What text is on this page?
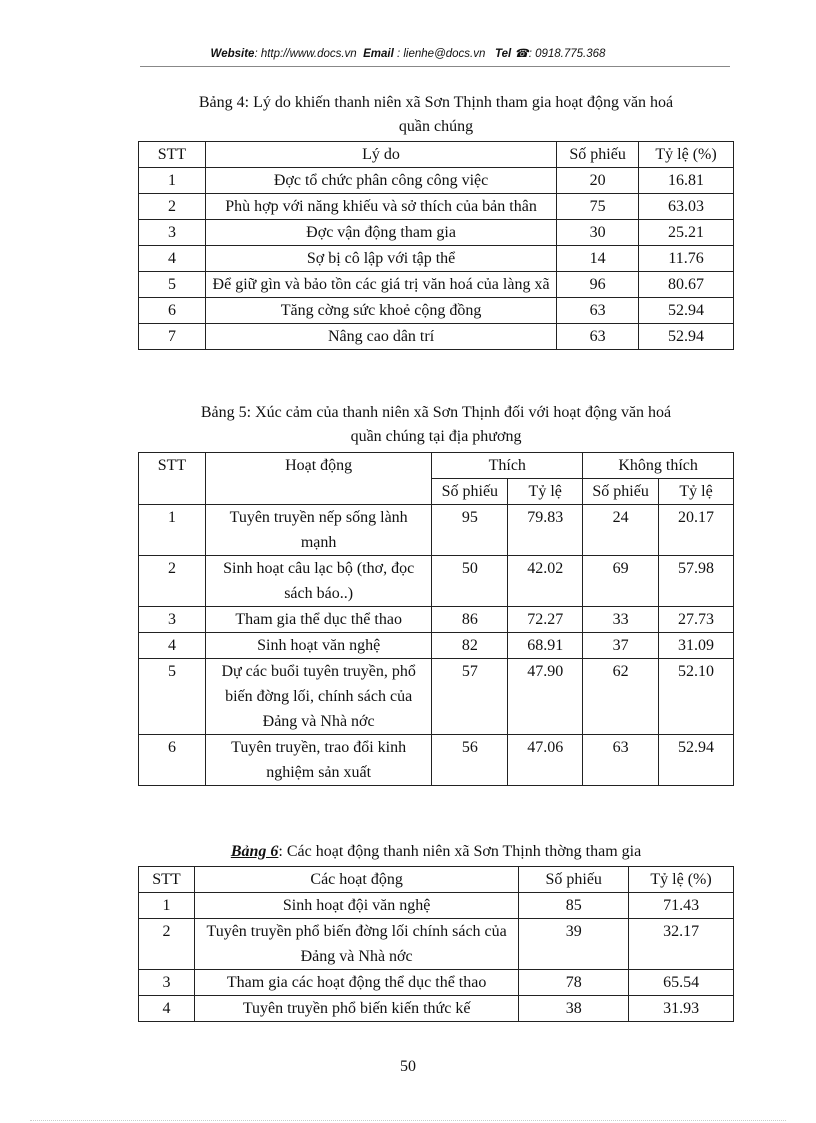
Website: http://www.docs.vn Email : lienhe@docs.vn Tel ☎: 0918.775.368
Bảng 4: Lý do khiến thanh niên xã Sơn Thịnh tham gia hoạt động văn hoá
quần chúng
STT	Lý do	Số phiếu	Tỷ lệ (%)
1	Đợc tổ chức phân công công việc	20	16.81
2	Phù hợp với năng khiếu và sở thích của bản thân	75	63.03
3	Đợc vận động tham gia	30	25.21
4	Sợ bị cô lập với tập thể	14	11.76
5	Để giữ gìn và bảo tồn các giá trị văn hoá của làng xã	96	80.67
6	Tăng cờng sức khoẻ cộng đồng	63	52.94
7	Nâng cao dân trí	63	52.94
Bảng 5: Xúc cảm của thanh niên xã Sơn Thịnh đối với hoạt động văn hoá
quần chúng tại địa phương
STT	Hoạt động	Thích		Không thích	
		Số phiếu	Tỷ lệ	Số phiếu	Tỷ lệ
1	Tuyên truyền nếp sống lành mạnh	95	79.83	24	20.17
2	Sinh hoạt câu lạc bộ (thơ, đọc sách báo..)	50	42.02	69	57.98
3	Tham gia thể dục thể thao	86	72.27	33	27.73
4	Sinh hoạt văn nghệ	82	68.91	37	31.09
5	Dự các buổi tuyên truyền, phổ biến đờng lối, chính sách của Đảng và Nhà nớc	57	47.90	62	52.10
6	Tuyên truyền, trao đổi kinh nghiệm sản xuất	56	47.06	63	52.94
Bảng 6: Các hoạt động thanh niên xã Sơn Thịnh thờng tham gia
STT	Các hoạt động	Số phiếu	Tỷ lệ (%)
1	Sinh hoạt đội văn nghệ	85	71.43
2	Tuyên truyền phổ biến đờng lối chính sách của Đảng và Nhà nớc	39	32.17
3	Tham gia các hoạt động thể dục thể thao	78	65.54
4	Tuyên truyền phổ biến kiến thức kế	38	31.93
50
